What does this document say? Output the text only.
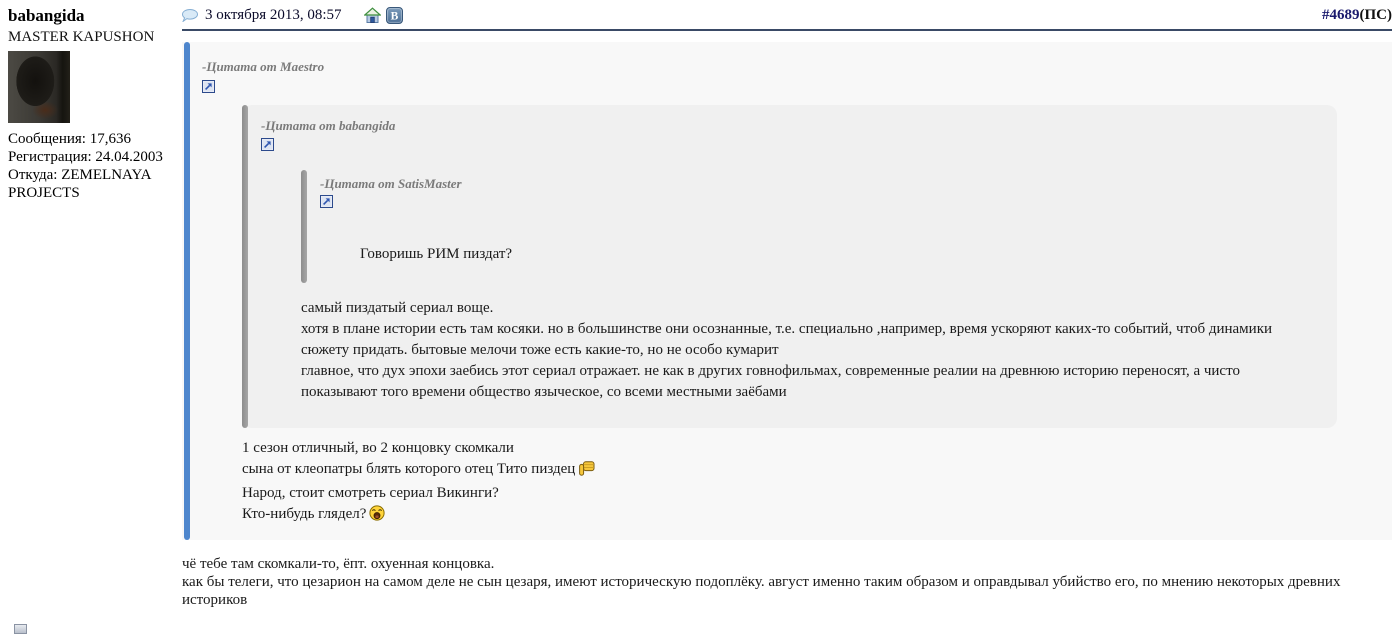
babangida
MASTER KAPUSHON
Сообщения: 17,636
Регистрация: 24.04.2003
Откуда: ZEMELNAYA PROJECTS
3 октября 2013, 08:57	B	#4689 (ПС)
-Цитата от Maestro
-Цитата от babangida
-Цитата от SatisMaster
Говоришь РИМ пиздат?
самый пиздатый сериал воще.
хотя в плане истории есть там косяки. но в большинстве они осознанные, т.е. специально ,например, время ускоряют каких-то событий, чтоб динамики сюжету придать. бытовые мелочи тоже есть какие-то, но не особо кумарит
главное, что дух эпохи заебись этот сериал отражает. не как в других говнофильмах, современные реалии на древнюю историю переносят, а чисто показывают того времени общество языческое, со всеми местными заёбами
1 сезон отличный, во 2 концовку скомкали
сына от клеопатры блять которого отец Тито пиздец
Народ, стоит смотреть сериал Викинги?
Кто-нибудь глядел?
чё тебе там скомкали-то, ёпт. охуенная концовка.
как бы телеги, что цезарион на самом деле не сын цезаря, имеют историческую подоплёку. август именно таким образом и оправдывал убийство его, по мнению некоторых древних историков
